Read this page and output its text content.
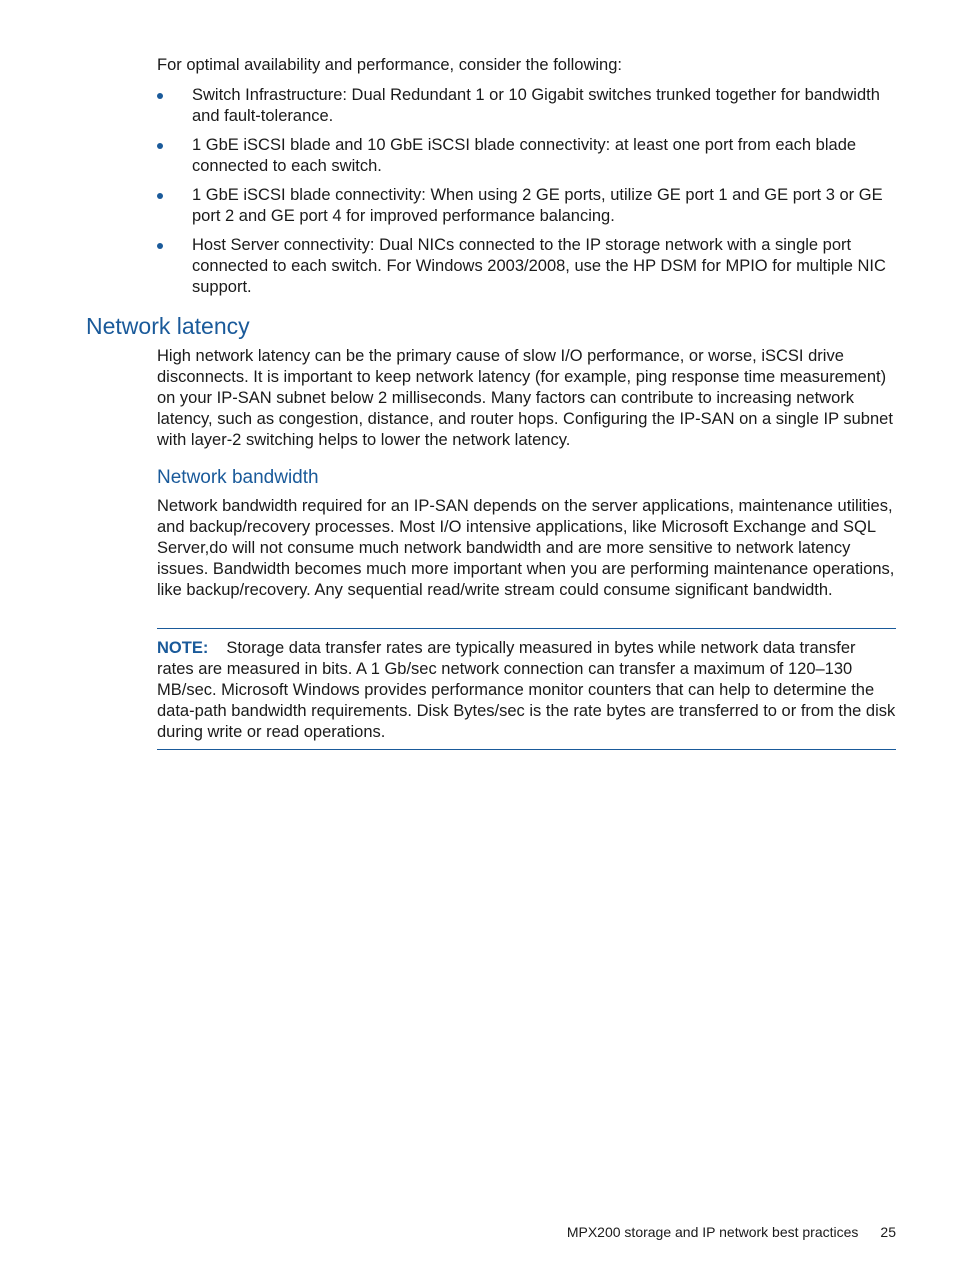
For optimal availability and performance, consider the following:

Switch Infrastructure: Dual Redundant 1 or 10 Gigabit switches trunked together for bandwidth and fault-tolerance.
1 GbE iSCSI blade and 10 GbE iSCSI blade connectivity: at least one port from each blade connected to each switch.
1 GbE iSCSI blade connectivity: When using 2 GE ports, utilize GE port 1 and GE port 3 or GE port 2 and GE port 4 for improved performance balancing.
Host Server connectivity: Dual NICs connected to the IP storage network with a single port connected to each switch. For Windows 2003/2008, use the HP DSM for MPIO for multiple NIC support.
Network latency

High network latency can be the primary cause of slow I/O performance, or worse, iSCSI drive disconnects. It is important to keep network latency (for example, ping response time measurement) on your IP-SAN subnet below 2 milliseconds. Many factors can contribute to increasing network latency, such as congestion, distance, and router hops. Configuring the IP-SAN on a single IP subnet with layer-2 switching helps to lower the network latency.

Network bandwidth

Network bandwidth required for an IP-SAN depends on the server applications, maintenance utilities, and backup/recovery processes. Most I/O intensive applications, like Microsoft Exchange and SQL Server,do will not consume much network bandwidth and are more sensitive to network latency issues. Bandwidth becomes much more important when you are performing maintenance operations, like backup/recovery. Any sequential read/write stream could consume significant bandwidth.

NOTE: Storage data transfer rates are typically measured in bytes while network data transfer rates are measured in bits. A 1 Gb/sec network connection can transfer a maximum of 120–130 MB/sec. Microsoft Windows provides performance monitor counters that can help to determine the data-path bandwidth requirements. Disk Bytes/sec is the rate bytes are transferred to or from the disk during write or read operations.
MPX200 storage and IP network best practices 25
